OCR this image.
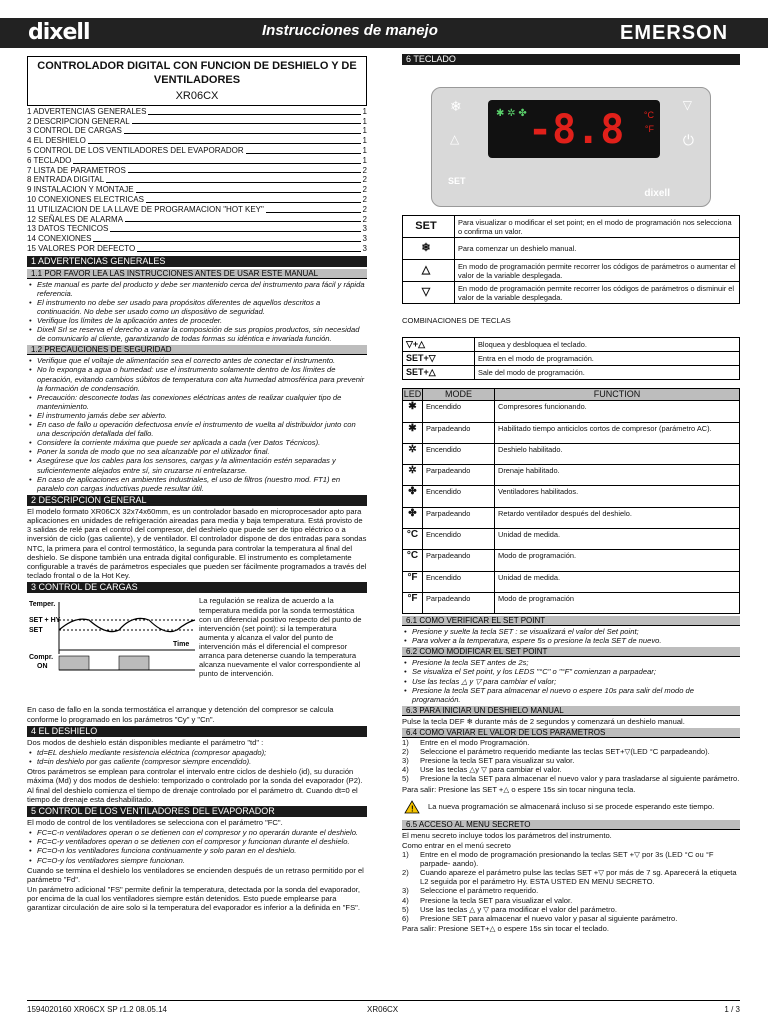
dixell	Instrucciones de manejo	EMERSON
CONTROLADOR DIGITAL CON FUNCION DE DESHIELO Y DE VENTILADORES
XR06CX
1 ADVERTENCIAS GENERALES	1
2 DESCRIPCION GENERAL	1
3 CONTROL DE CARGAS	1
4 EL DESHIELO	1
5 CONTROL DE LOS VENTILADORES DEL EVAPORADOR	1
6 TECLADO	1
7 LISTA DE PARAMETROS	2
8 ENTRADA DIGITAL	2
9 INSTALACION Y MONTAJE	2
10 CONEXIONES ELECTRICAS	2
11 UTILIZACION DE LA LLAVE DE PROGRAMACION "HOT KEY"	2
12 SEÑALES DE ALARMA	2
13 DATOS TECNICOS	3
14 CONEXIONES	3
15 VALORES POR DEFECTO	3
1 ADVERTENCIAS GENERALES
1.1 POR FAVOR LEA LAS INSTRUCCIONES ANTES DE USAR ESTE MANUAL
• Este manual es parte del producto y debe ser mantenido cerca del instrumento para fácil y rápida referencia.
• El instrumento no debe ser usado para propósitos diferentes de aquellos descritos a continuación. No debe ser usado como un dispositivo de seguridad.
• Verifique los límites de la aplicación antes de proceder.
• Dixell Srl se reserva el derecho a variar la composición de sus propios productos, sin necesidad de comunicarlo al cliente, garantizando de todas formas su idéntica e invariada función.
1.2 PRECAUCIONES DE SEGURIDAD
• Verifique que el voltaje de alimentación sea el correcto antes de conectar el instrumento.
• No lo exponga a agua o humedad: use el instrumento solamente dentro de los límites de operación, evitando cambios súbitos de temperatura con alta humedad atmosférica para prevenir la formación de condensación.
• Precaución: desconecte todas las conexiones eléctricas antes de realizar cualquier tipo de mantenimiento.
• El instrumento jamás debe ser abierto.
• En caso de fallo u operación defectuosa envíe el instrumento de vuelta al distribuidor junto con una descripción detallada del fallo.
• Considere la corriente máxima que puede ser aplicada a cada (ver Datos Técnicos).
• Poner la sonda de modo que no sea alcanzable por el utilizador final.
• Asegúrese que los cables para los sensores, cargas y la alimentación estén separadas y suficientemente alejados entre sí, sin cruzarse ni entrelazarse.
• En caso de aplicaciones en ambientes industriales, el uso de filtros (nuestro mod. FT1) en paralelo con cargas inductivas puede resultar útil.
2 DESCRIPCION GENERAL
El modelo formato XR06CX 32x74x60mm, es un controlador basado en microprocesador apto para aplicaciones en unidades de refrigeración aireadas para media y baja temperatura. Está provisto de 3 salidas de relé para el control del compresor, del deshielo que puede ser de tipo eléctrico o a inversión de ciclo (gas caliente), y de ventilador. El controlador dispone de dos entradas para sondas NTC, la primera para el control termostático, la segunda para controlar la temperatura al final del deshielo. Se dispone también una entrada digital configurable. El instrumento es completamente configurable a través de parámetros especiales que pueden ser fácilmente programados a través del teclado frontal o de la Hot Key.
3 CONTROL DE CARGAS
Temper.
SET + HY
SET
Time
Compr.
ON
La regulación se realiza de acuerdo a la temperatura medida por la sonda termostática con un diferencial positivo respecto del punto de intervención (set point): si la temperatura aumenta y alcanza el valor del punto de intervención más el diferencial el compresor arranca para detenerse cuando la temperatura alcanza nuevamente el valor correspondiente al punto de intervención.
En caso de fallo en la sonda termostática el arranque y detención del compresor se calcula conforme lo programado en los parámetros "Cy" y "Cn".
4 EL DESHIELO
Dos modos de deshielo están disponibles mediante el parámetro "td" :
• td=EL deshielo mediante resistencia eléctrica (compresor apagado);
• td=in deshielo por gas caliente (compresor siempre encendido).
Otros parámetros se emplean para controlar el intervalo entre ciclos de deshielo (id), su duración máxima (Md) y dos modos de deshielo: temporizado o controlado por la sonda del evaporador (P2). Al final del deshielo comienza el tiempo de drenaje controlado por el parámetro dt. Cuando dt=0 el tiempo de drenaje esta deshabilitado.
5 CONTROL DE LOS VENTILADORES DEL EVAPORADOR
El modo de control de los ventiladores se selecciona con el parámetro "FC".
• FC=C-n ventiladores operan o se detienen con el compresor y no operarán durante el deshielo.
• FC=C-y ventiladores operan o se detienen con el compresor y funcionan durante el deshielo.
• FC=O-n los ventiladores funciona continuamente y solo paran en el deshielo.
• FC=O-y los ventiladores siempre funcionan.
Cuando se termina el deshielo los ventiladores se encienden después de un retraso permitido por el parámetro "Fd".
Un parámetro adicional "FS" permite definir la temperatura, detectada por la sonda del evaporador, por encima de la cual los ventiladores siempre están detenidos. Esto puede emplearse para garantizar circulación de aire solo si la temperatura del evaporador es inferior a la definida en "FS".
6 TECLADO
✱ ✲ ✤ -8.8 °C
°F
❄
△
SET
▽
⏻
dixell
SET	Para visualizar o modificar el set point; en el modo de programación nos selecciona o confirma un valor.
❄	Para comenzar un deshielo manual.
△	En modo de programación permite recorrer los códigos de parámetros o aumentar el valor de la variable desplegada.
▽	En modo de programación permite recorrer los códigos de parámetros o disminuir el valor de la variable desplegada.
COMBINACIONES DE TECLAS
▽+△	Bloquea y desbloquea el teclado.
SET+▽	Entra en el modo de programación.
SET+△	Sale del modo de programación.
LED	MODE	FUNCTION
✱	Encendido	Compresores funcionando.
✱	Parpadeando	Habilitado tiempo anticiclos cortos de compresor (parámetro AC).
✲	Encendido	Deshielo habilitado.
✲	Parpadeando	Drenaje habilitado.
✤	Encendido	Ventiladores habilitados.
✤	Parpadeando	Retardo ventilador después del deshielo.
°C	Encendido	Unidad de medida.
°C	Parpadeando	Modo de programación.
°F	Encendido	Unidad de medida.
°F	Parpadeando	Modo de programación
6.1 COMO VERIFICAR EL SET POINT
• Presione y suelte la tecla SET : se visualizará el valor del Set point;
• Para volver a la temperatura, espere 5s o presione la tecla SET de nuevo.
6.2 COMO MODIFICAR EL SET POINT
• Presione la tecla SET antes de 2s;
• Se visualiza el Set point, y los LEDS "°C" o "°F" comienzan a parpadear;
• Use las teclas △ y ▽ para cambiar el valor;
• Presione la tecla SET para almacenar el nuevo o espere 10s para salir del modo de programación.
6.3 PARA INICIAR UN DESHIELO MANUAL
Pulse la tecla DEF ❄ durante más de 2 segundos y comenzará un deshielo manual.
6.4 COMO VARIAR EL VALOR DE LOS PARAMETROS
1) Entre en el modo Programación.
2) Seleccione el parámetro requerido mediante las teclas SET+▽(LED °C parpadeando).
3) Presione la tecla SET para visualizar su valor.
4) Use las teclas △y ▽ para cambiar el valor.
5) Presione la tecla SET para almacenar el nuevo valor y para trasladarse al siguiente parámetro.
Para salir: Presione las SET +△ o espere 15s sin tocar ninguna tecla.
! La nueva programación se almacenará incluso si se procede esperando este tiempo.
6.5 ACCESO AL MENU SECRETO
El menu secreto incluye todos los parámetros del instrumento.
Como entrar en el menú secreto
1) Entre en el modo de programación presionando la teclas SET +▽ por 3s (LED °C ou °F parpade- aando).
2) Cuando apareze el parámetro pulse las teclas SET +▽ por más de 7 sg. Aparecerá la etiqueta L2 seguida por el parámetro Hy. ESTA USTED EN MENU SECRETO.
3) Seleccione el parámetro requerido.
4) Presione la tecla SET para visualizar el valor.
5) Use las teclas △ y ▽ para modificar el valor del parámetro.
6) Presione SET para almacenar el nuevo valor y pasar al siguiente parámetro.
Para salir: Presione SET+△ o espere 15s sin tocar el teclado.
1594020160 XR06CX SP r1.2 08.05.14	XR06CX	1 / 3
